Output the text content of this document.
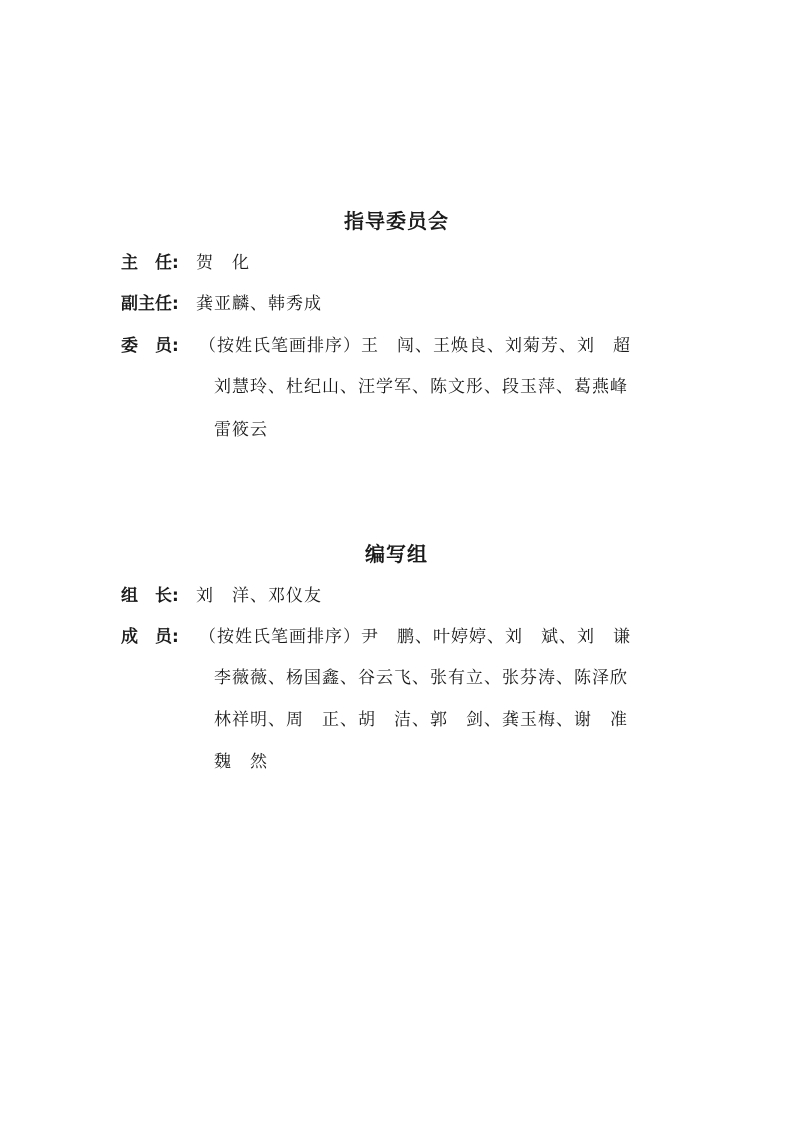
指导委员会
主　任: 贺　化
副主任: 龚亚麟、韩秀成
委　员: （按姓氏笔画排序）王　闯、王焕良、刘菊芳、刘　超
刘慧玲、杜纪山、汪学军、陈文彤、段玉萍、葛燕峰
雷筱云
编写组
组　长: 刘　洋、邓仪友
成　员: （按姓氏笔画排序）尹　鹏、叶婷婷、刘　斌、刘　谦
李薇薇、杨国鑫、谷云飞、张有立、张芬涛、陈泽欣
林祥明、周　正、胡　洁、郭　剑、龚玉梅、谢　准
魏　然
